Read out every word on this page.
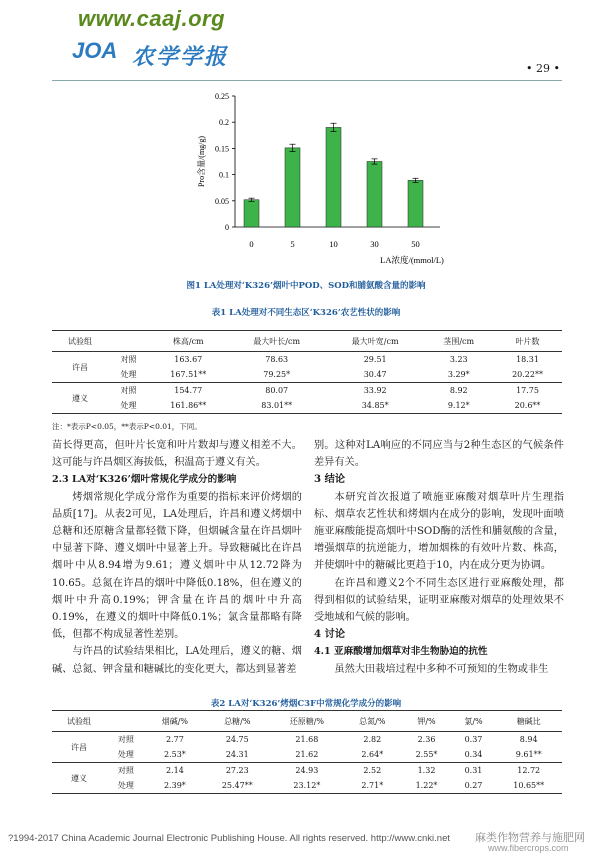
www.caaj.org
JOA 农学学报	• 29 •
0
0.05
0.1
0.15
0.2
0.25
Pro含量/(mg/g)
0	5	10	30	50
LA浓度/(mmol/L)
图1 LA处理对‘K326’烟叶中POD、SOD和脯氨酸含量的影响
表1 LA处理对不同生态区‘K326’农艺性状的影响
试验组		株高/cm	最大叶长/cm	最大叶宽/cm	茎围/cm	叶片数
许昌	对照	163.67	78.63	29.51	3.23	18.31
	处理	167.51**	79.25*	30.47	3.29*	20.22**
遵义	对照	154.77	80.07	33.92	8.92	17.75
	处理	161.86**	83.01**	34.85*	9.12*	20.6**
注：*表示P<0.05，**表示P<0.01，下同。
苗长得更高，但叶片长宽和叶片数却与遵义相差不大。这可能与许昌烟区海拔低，积温高于遵义有关。
2.3 LA对‘K326’烟叶常规化学成分的影响
烤烟常规化学成分常作为重要的指标来评价烤烟的品质[17]。从表2可见，LA处理后，许昌和遵义烤烟中总糖和还原糖含量都轻微下降，但烟碱含量在许昌烟叶中显著下降、遵义烟叶中显著上升。导致糖碱比在许昌烟叶中从8.94增为9.61；遵义烟叶中从12.72降为10.65。总氮在许昌的烟叶中降低0.18%，但在遵义的烟叶中升高0.19%；钾含量在许昌的烟叶中升高0.19%，在遵义的烟叶中降低0.1%；氯含量都略有降低，但都不构成显著性差别。
与许昌的试验结果相比，LA处理后，遵义的糖、烟碱、总氮、钾含量和糖碱比的变化更大，都达到显著差
别。这种对LA响应的不同应当与2种生态区的气候条件差异有关。
3 结论
本研究首次报道了喷施亚麻酸对烟草叶片生理指标、烟草农艺性状和烤烟内在成分的影响，发现叶面喷施亚麻酸能提高烟叶中SOD酶的活性和脯氨酸的含量，增强烟草的抗逆能力，增加烟株的有效叶片数、株高，并使烟叶中的糖碱比更趋于10，内在成分更为协调。
在许昌和遵义2个不同生态区进行亚麻酸处理，都得到相似的试验结果，证明亚麻酸对烟草的处理效果不受地域和气候的影响。
4 讨论
4.1 亚麻酸增加烟草对非生物胁迫的抗性
虽然大田栽培过程中多种不可预知的生物或非生
表2 LA对‘K326’烤烟C3F中常规化学成分的影响
试验组		烟碱/%	总糖/%	还原糖/%	总氮/%	钾/%	氯/%	糖碱比
许昌	对照	2.77	24.75	21.68	2.82	2.36	0.37	8.94
	处理	2.53*	24.31	21.62	2.64*	2.55*	0.34	9.61**
遵义	对照	2.14	27.23	24.93	2.52	1.32	0.31	12.72
	处理	2.39*	25.47**	23.12*	2.71*	1.22*	0.27	10.65**
?1994-2017 China Academic Journal Electronic Publishing House. All rights reserved. http://www.cnki.net 麻类作物营养与施肥网
www.fibercrops.com
